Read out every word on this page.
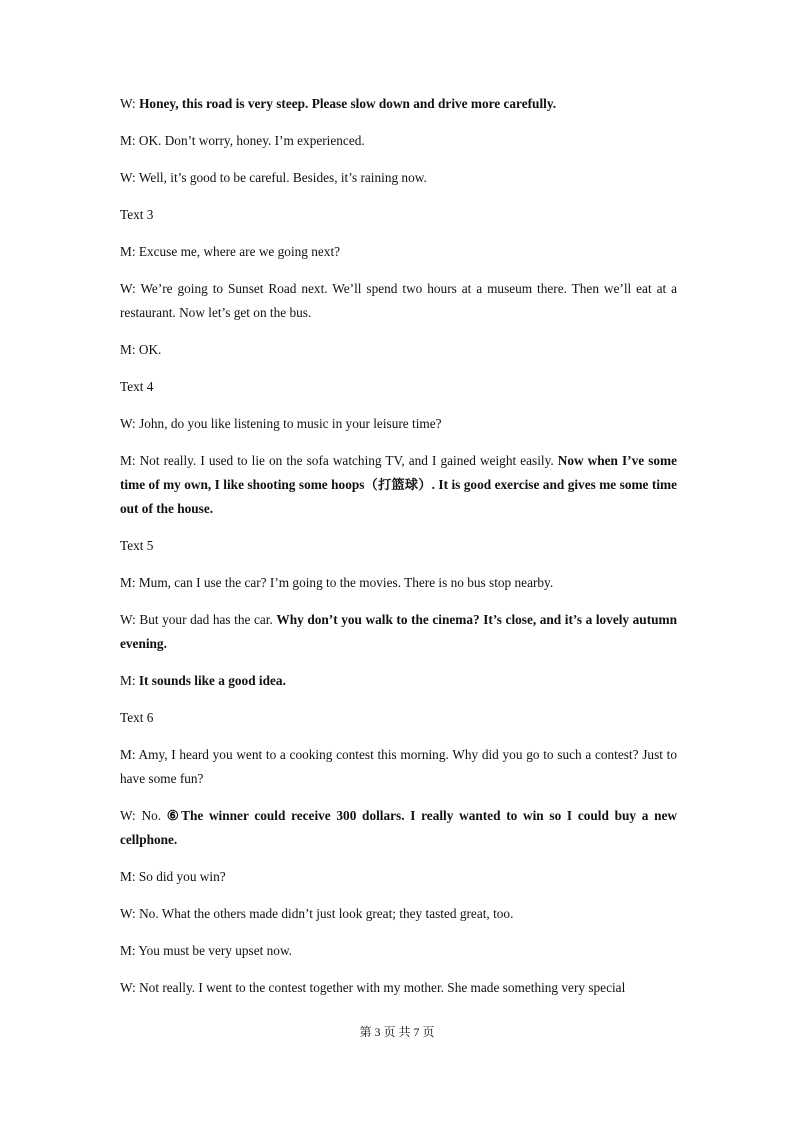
W: Honey, this road is very steep. Please slow down and drive more carefully.

M: OK. Don’t worry, honey. I’m experienced.

W: Well, it’s good to be careful. Besides, it’s raining now.

Text 3

M: Excuse me, where are we going next?

W: We’re going to Sunset Road next. We’ll spend two hours at a museum there. Then we’ll eat at a restaurant. Now let’s get on the bus.

M: OK.

Text 4

W: John, do you like listening to music in your leisure time?

M: Not really. I used to lie on the sofa watching TV, and I gained weight easily. Now when I’ve some time of my own, I like shooting some hoops（打篮球）. It is good exercise and gives me some time out of the house.

Text 5

M: Mum, can I use the car? I’m going to the movies. There is no bus stop nearby.

W: But your dad has the car. Why don’t you walk to the cinema? It’s close, and it’s a lovely autumn evening.

M: It sounds like a good idea.

Text 6

M: Amy, I heard you went to a cooking contest this morning. Why did you go to such a contest? Just to have some fun?

W: No. ⑥The winner could receive 300 dollars. I really wanted to win so I could buy a new cellphone.

M: So did you win?

W: No. What the others made didn’t just look great; they tasted great, too.

M: You must be very upset now.

W: Not really. I went to the contest together with my mother. She made something very special

第 3 页 共 7 页
